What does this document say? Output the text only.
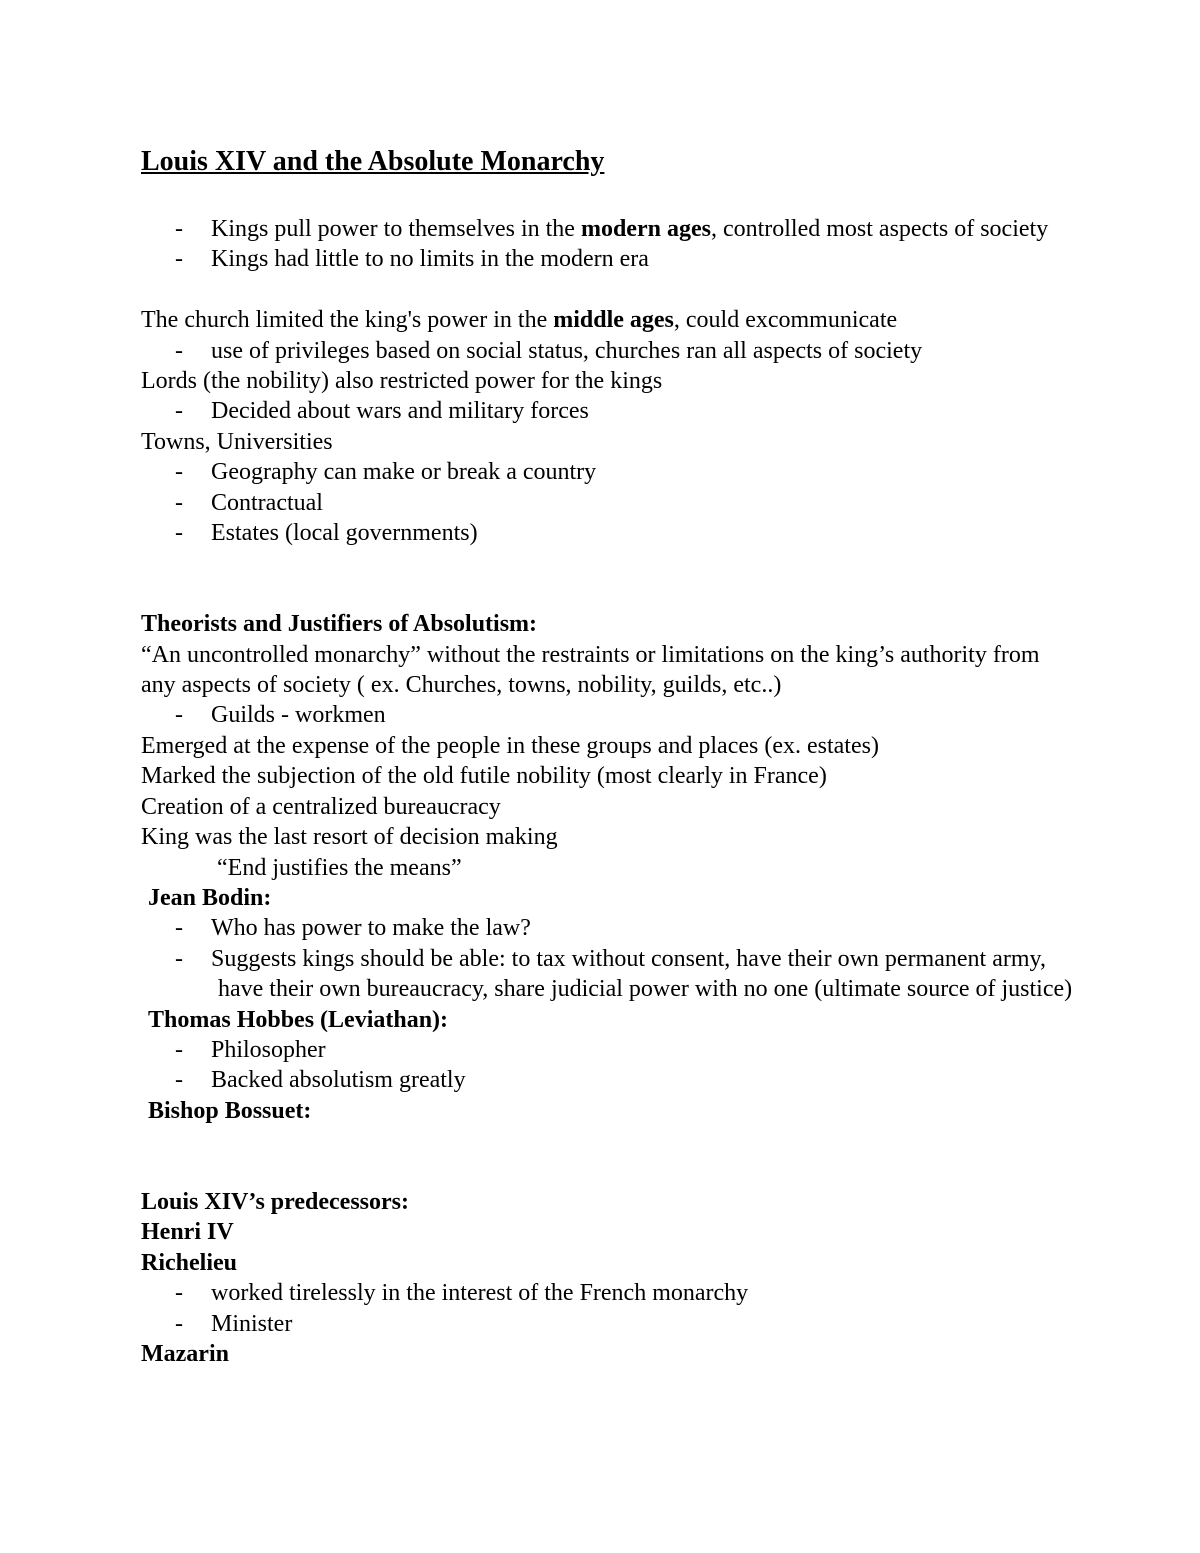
Louis XIV and the Absolute Monarchy
- Kings pull power to themselves in the modern ages, controlled most aspects of society
- Kings had little to no limits in the modern era
The church limited the king's power in the middle ages, could excommunicate
- use of privileges based on social status, churches ran all aspects of society
Lords (the nobility) also restricted power for the kings
- Decided about wars and military forces
Towns, Universities
- Geography can make or break a country
- Contractual
- Estates (local governments)
Theorists and Justifiers of Absolutism:
“An uncontrolled monarchy” without the restraints or limitations on the king’s authority from
any aspects of society ( ex. Churches, towns, nobility, guilds, etc..)
- Guilds - workmen
Emerged at the expense of the people in these groups and places (ex. estates)
Marked the subjection of the old futile nobility (most clearly in France)
Creation of a centralized bureaucracy
King was the last resort of decision making
“End justifies the means”
Jean Bodin:
- Who has power to make the law?
- Suggests kings should be able: to tax without consent, have their own permanent army,
have their own bureaucracy, share judicial power with no one (ultimate source of justice)
Thomas Hobbes (Leviathan):
- Philosopher
- Backed absolutism greatly
Bishop Bossuet:
Louis XIV’s predecessors:
Henri IV
Richelieu
- worked tirelessly in the interest of the French monarchy
- Minister
Mazarin
